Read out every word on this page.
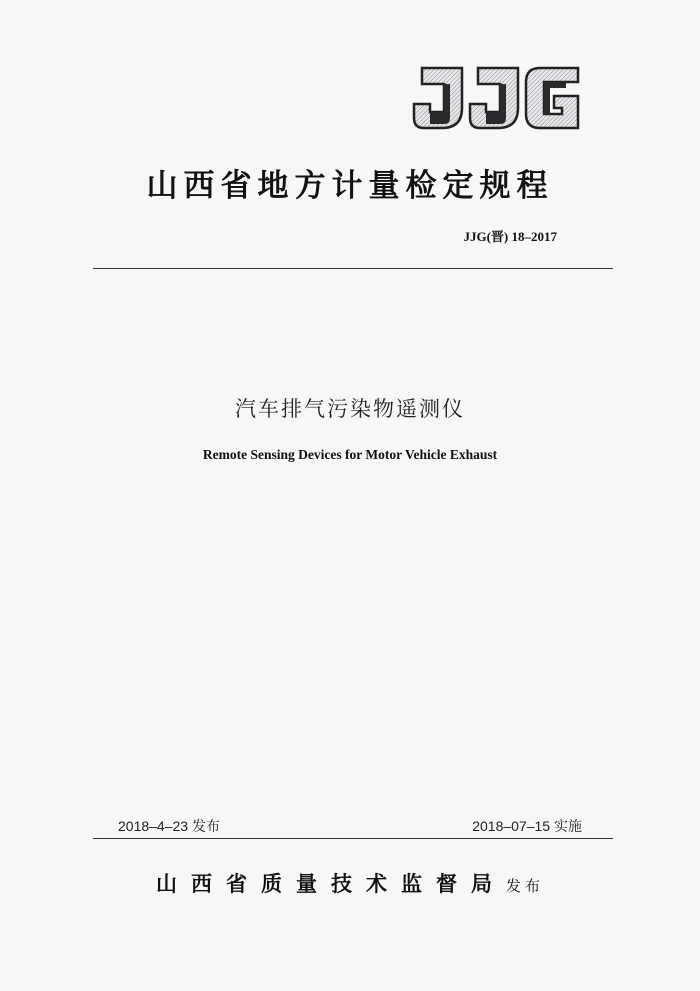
山西省地方计量检定规程
JJG(晋) 18–2017
汽车排气污染物遥测仪
Remote Sensing Devices for Motor Vehicle Exhaust
2018–4–23 发布	2018–07–15 实施
山西省质量技术监督局发布
